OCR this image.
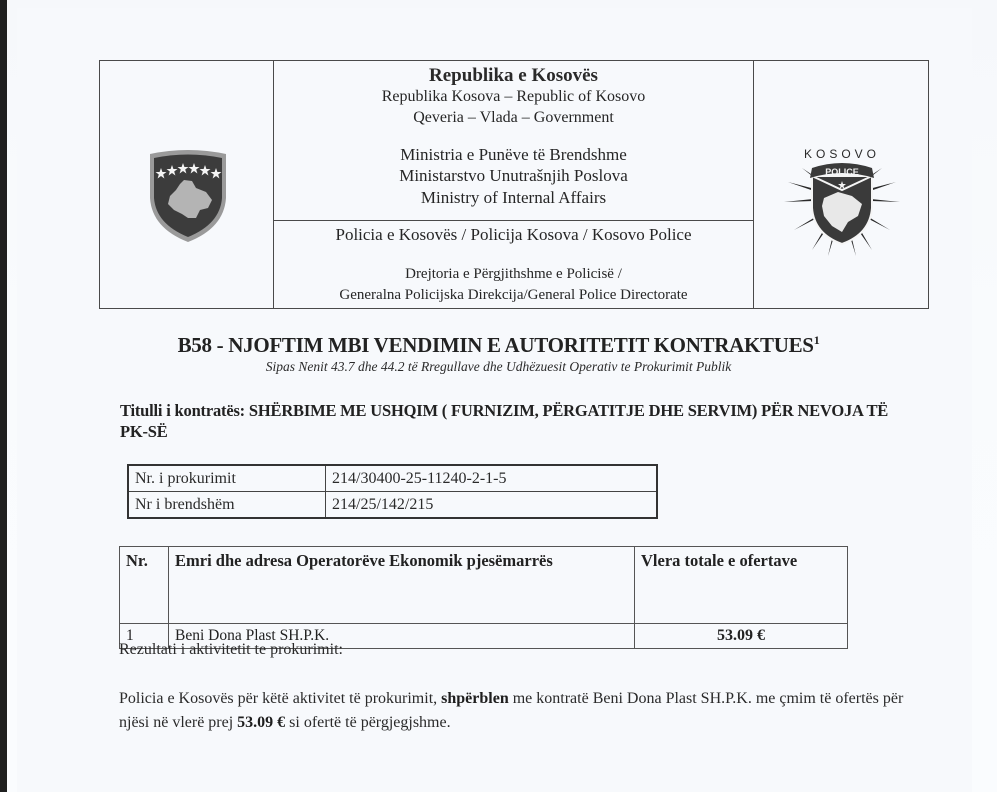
Republika e Kosovës
Republika Kosova – Republic of Kosovo
Qeveria – Vlada – Government
Ministria e Punëve të Brendshme
Ministarstvo Unutrašnjih Poslova
Ministry of Internal Affairs
Policia e Kosovës / Policija Kosova / Kosovo Police
Drejtoria e Përgjithshme e Policisë /
Generalna Policijska Direkcija/General Police Directorate
POLICE
KOSOVO
B58 - NJOFTIM MBI VENDIMIN E AUTORITETIT KONTRAKTUES$^1$
Sipas Nenit 43.7 dhe 44.2 të Rregullave dhe Udhëzuesit Operativ te Prokurimit Publik
Titulli i kontratës: SHËRBIME ME USHQIM ( FURNIZIM, PËRGATITJE DHE SERVIM) PËR NEVOJA TË PK-SË
Nr. i prokurimit	214/30400-25-11240-2-1-5
Nr i brendshëm	214/25/142/215
Nr.	Emri dhe adresa Operatorëve Ekonomik pjesëmarrës	Vlera totale e ofertave
1	Beni Dona Plast SH.P.K.	53.09 €
Rezultati i aktivitetit te prokurimit:
Policia e Kosovës për këtë aktivitet të prokurimit, shpërblen me kontratë Beni Dona Plast SH.P.K. me çmim të ofertës për njësi në vlerë prej 53.09 € si ofertë të përgjegjshme.
